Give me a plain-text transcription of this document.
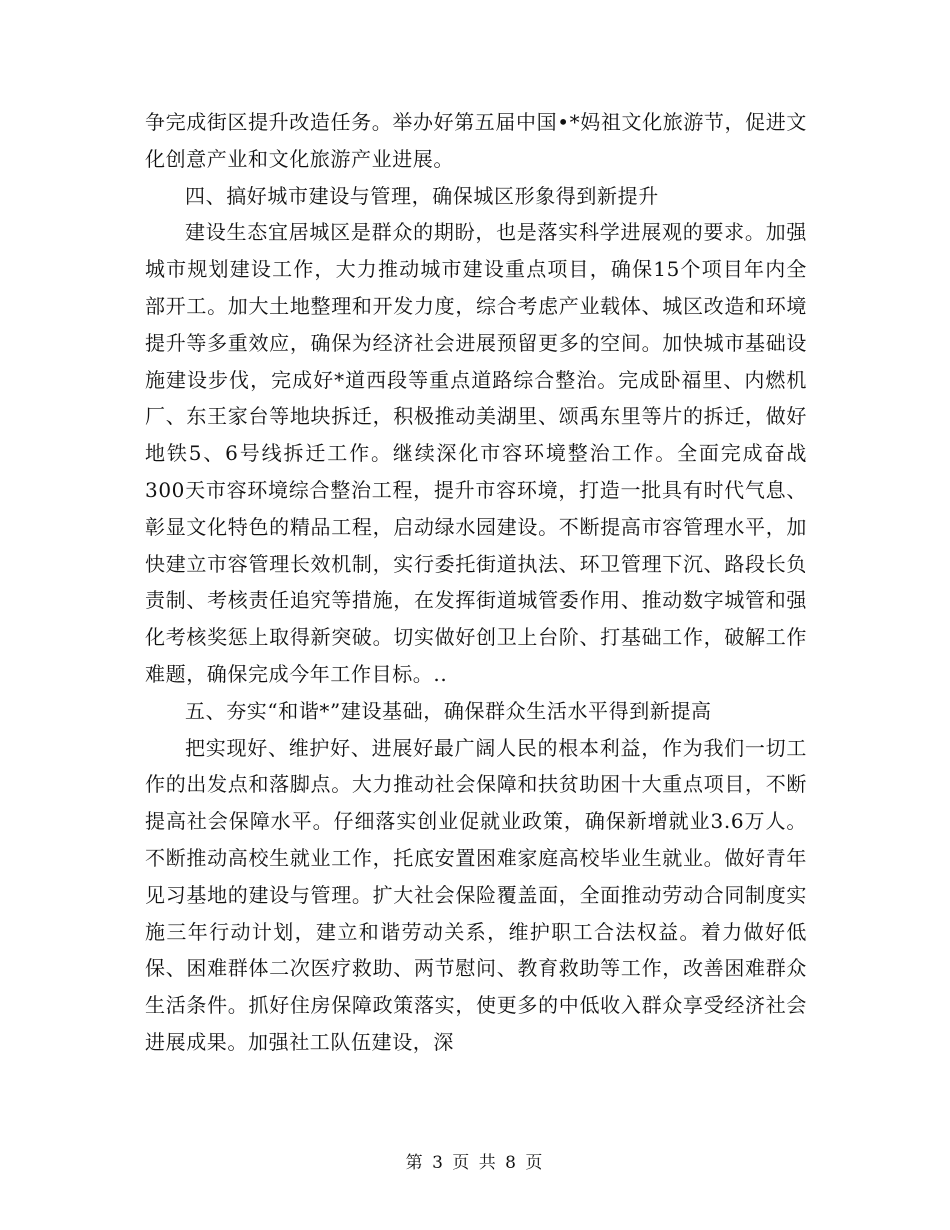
争完成街区提升改造任务。举办好第五届中国•*妈祖文化旅游节，促进文化创意产业和文化旅游产业进展。

四、搞好城市建设与管理，确保城区形象得到新提升

建设生态宜居城区是群众的期盼，也是落实科学进展观的要求。加强城市规划建设工作，大力推动城市建设重点项目，确保15个项目年内全部开工。加大土地整理和开发力度，综合考虑产业载体、城区改造和环境提升等多重效应，确保为经济社会进展预留更多的空间。加快城市基础设施建设步伐，完成好*道西段等重点道路综合整治。完成卧福里、内燃机厂、东王家台等地块拆迁，积极推动美湖里、颂禹东里等片的拆迁，做好地铁5、6号线拆迁工作。继续深化市容环境整治工作。全面完成奋战300天市容环境综合整治工程，提升市容环境，打造一批具有时代气息、彰显文化特色的精品工程，启动绿水园建设。不断提高市容管理水平，加快建立市容管理长效机制，实行委托街道执法、环卫管理下沉、路段长负责制、考核责任追究等措施，在发挥街道城管委作用、推动数字城管和强化考核奖惩上取得新突破。切实做好创卫上台阶、打基础工作，破解工作难题，确保完成今年工作目标。..

五、夯实“和谐*”建设基础，确保群众生活水平得到新提高

把实现好、维护好、进展好最广阔人民的根本利益，作为我们一切工作的出发点和落脚点。大力推动社会保障和扶贫助困十大重点项目，不断提高社会保障水平。仔细落实创业促就业政策，确保新增就业3.6万人。不断推动高校生就业工作，托底安置困难家庭高校毕业生就业。做好青年见习基地的建设与管理。扩大社会保险覆盖面，全面推动劳动合同制度实施三年行动计划，建立和谐劳动关系，维护职工合法权益。着力做好低保、困难群体二次医疗救助、两节慰问、教育救助等工作，改善困难群众生活条件。抓好住房保障政策落实，使更多的中低收入群众享受经济社会进展成果。加强社工队伍建设，深

第 3 页 共 8 页
